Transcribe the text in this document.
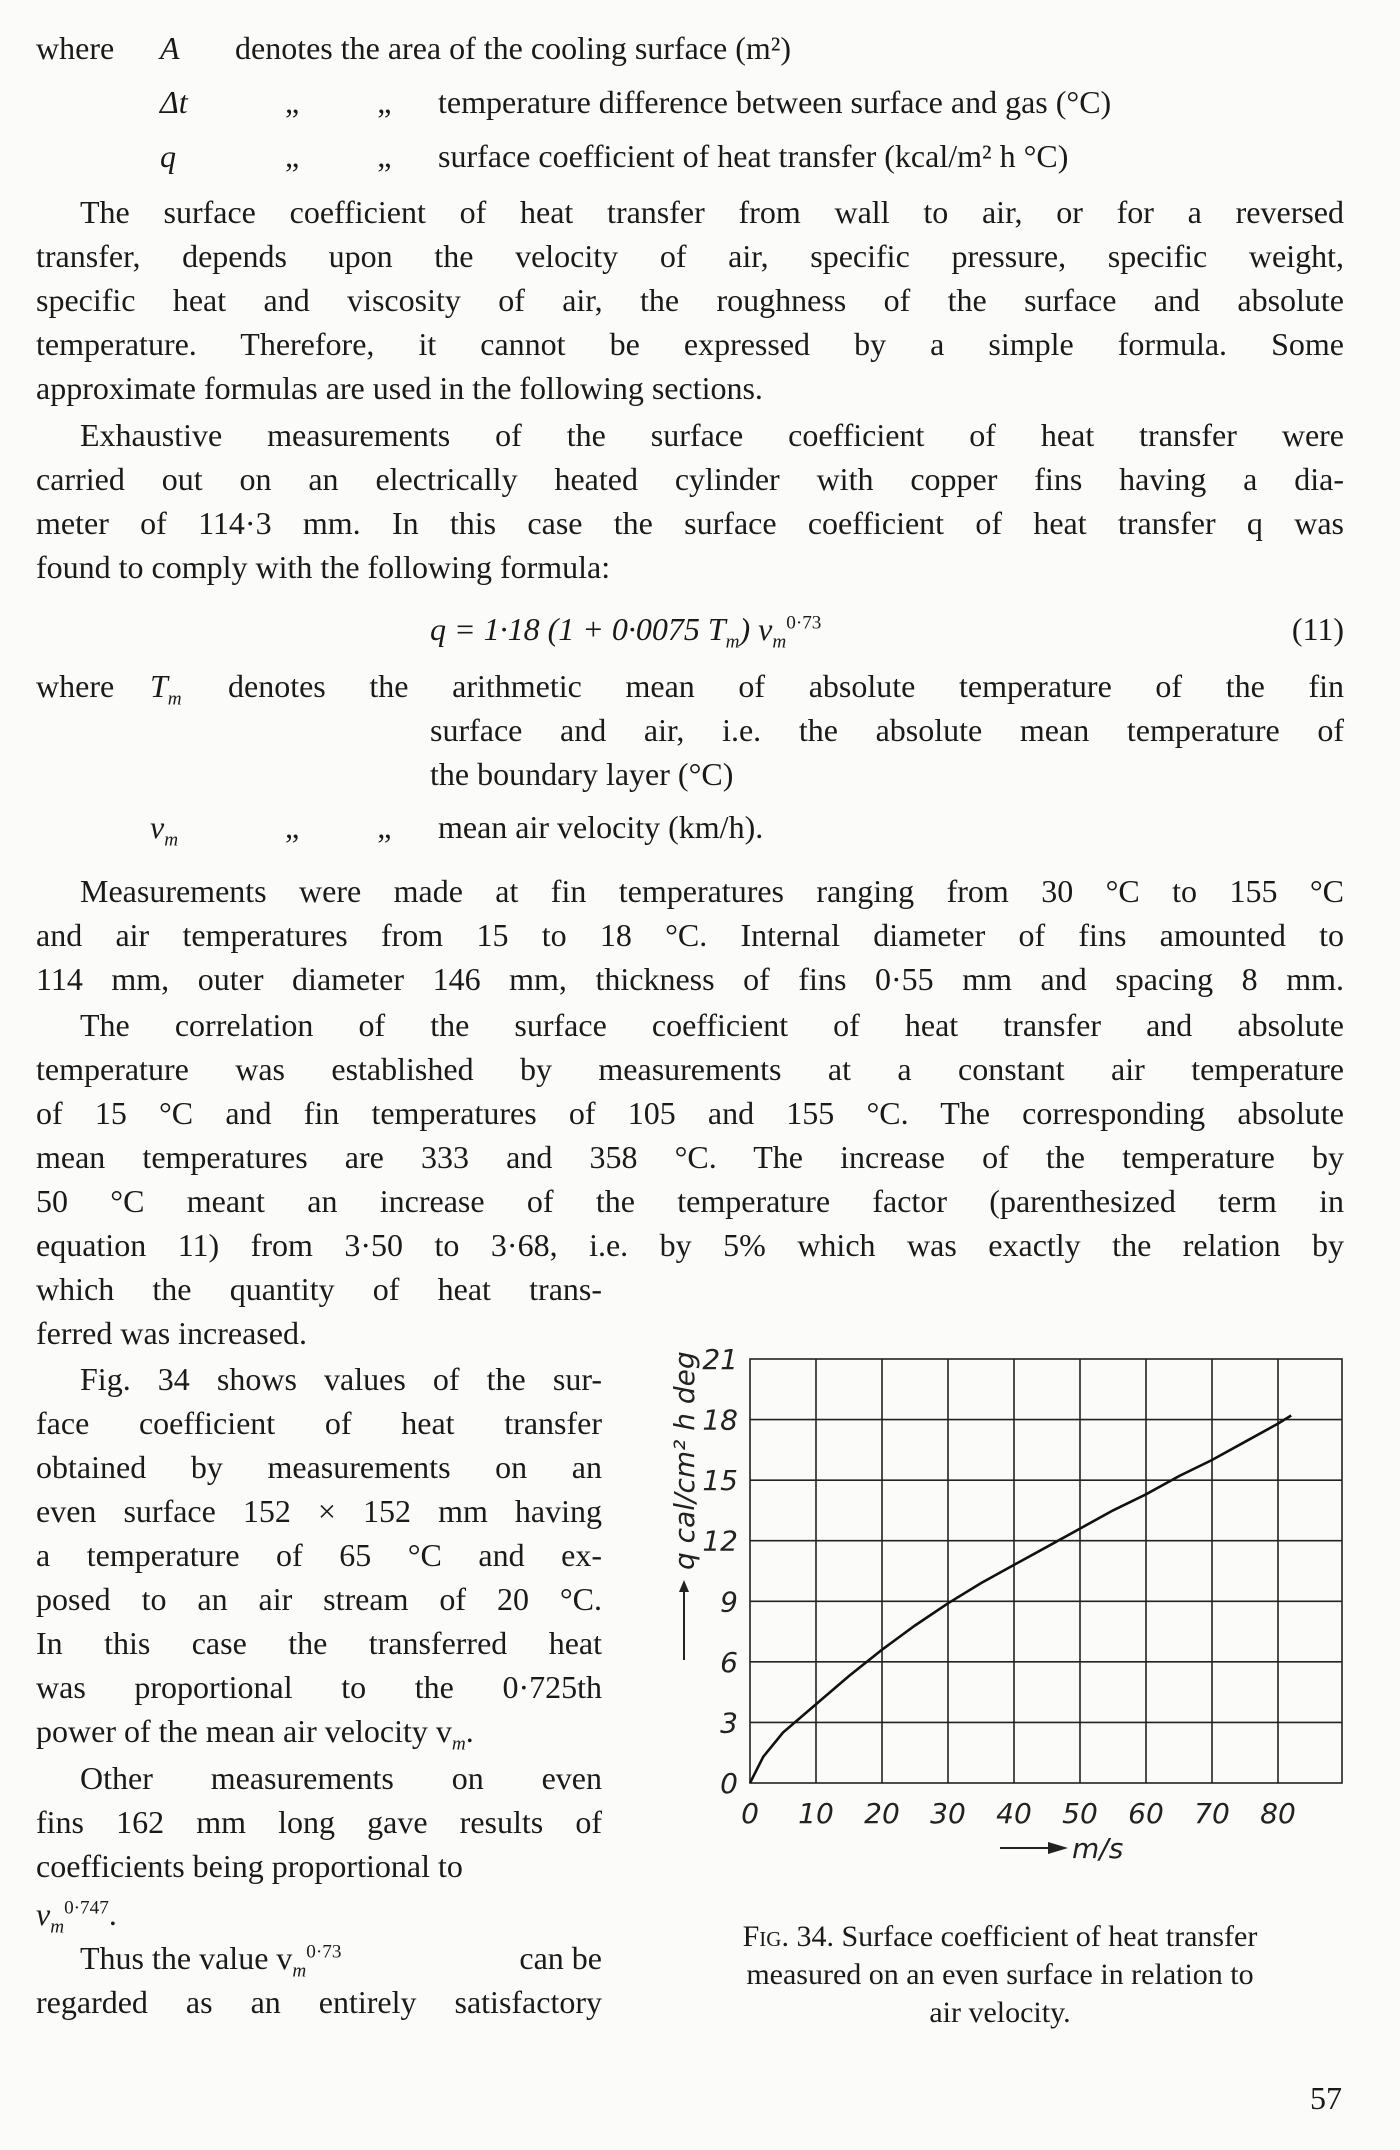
where A denotes the area of the cooling surface (m²)
Δt	„ „ temperature difference between surface and gas (°C)
q	„ „ surface coefficient of heat transfer (kcal/m² h °C)
The surface coefficient of heat transfer from wall to air, or for a reversed
transfer, depends upon the velocity of air, specific pressure, specific weight,
specific heat and viscosity of air, the roughness of the surface and absolute
temperature. Therefore, it cannot be expressed by a simple formula. Some
approximate formulas are used in the following sections.
Exhaustive measurements of the surface coefficient of heat transfer were
carried out on an electrically heated cylinder with copper fins having a dia-
meter of 114·3 mm. In this case the surface coefficient of heat transfer q was
found to comply with the following formula:
q = 1·18 (1 + 0·0075 $T_m$) $v_m^{0\cdot 73}$	(11)
where $T_m$ denotes the arithmetic mean of absolute temperature of the fin
surface and air, i.e. the absolute mean temperature of
the boundary layer (°C)
$v_m$	„ „ mean air velocity (km/h).
Measurements were made at fin temperatures ranging from 30 °C to 155 °C
and air temperatures from 15 to 18 °C. Internal diameter of fins amounted to
114 mm, outer diameter 146 mm, thickness of fins 0·55 mm and spacing 8 mm.
The correlation of the surface coefficient of heat transfer and absolute
temperature was established by measurements at a constant air temperature
of 15 °C and fin temperatures of 105 and 155 °C. The corresponding absolute
mean temperatures are 333 and 358 °C. The increase of the temperature by
50 °C meant an increase of the temperature factor (parenthesized term in
equation 11) from 3·50 to 3·68, i.e. by 5% which was exactly the relation by
which the quantity of heat trans-
ferred was increased.
Fig. 34 shows values of the sur-
face coefficient of heat transfer
obtained by measurements on an
even surface 152 × 152 mm having
a temperature of 65 °C and ex-
posed to an air stream of 20 °C.
In this case the transferred heat
was proportional to the 0·725th
power of the mean air velocity $v_m$.
Other measurements on even
fins 162 mm long gave results of
coefficients being proportional to
$v_m^{0\cdot 747}$.
Thus the value $v_m^{0\cdot 73}$	can be
regarded as an entirely satisfactory
0 10 20 30 40 50 60 70 80
0
3
6
9
12
15
18
21
q cal/cm² h deg
m/s
Fig. 34. Surface coefficient of heat transfer
measured on an even surface in relation to
air velocity.
57
